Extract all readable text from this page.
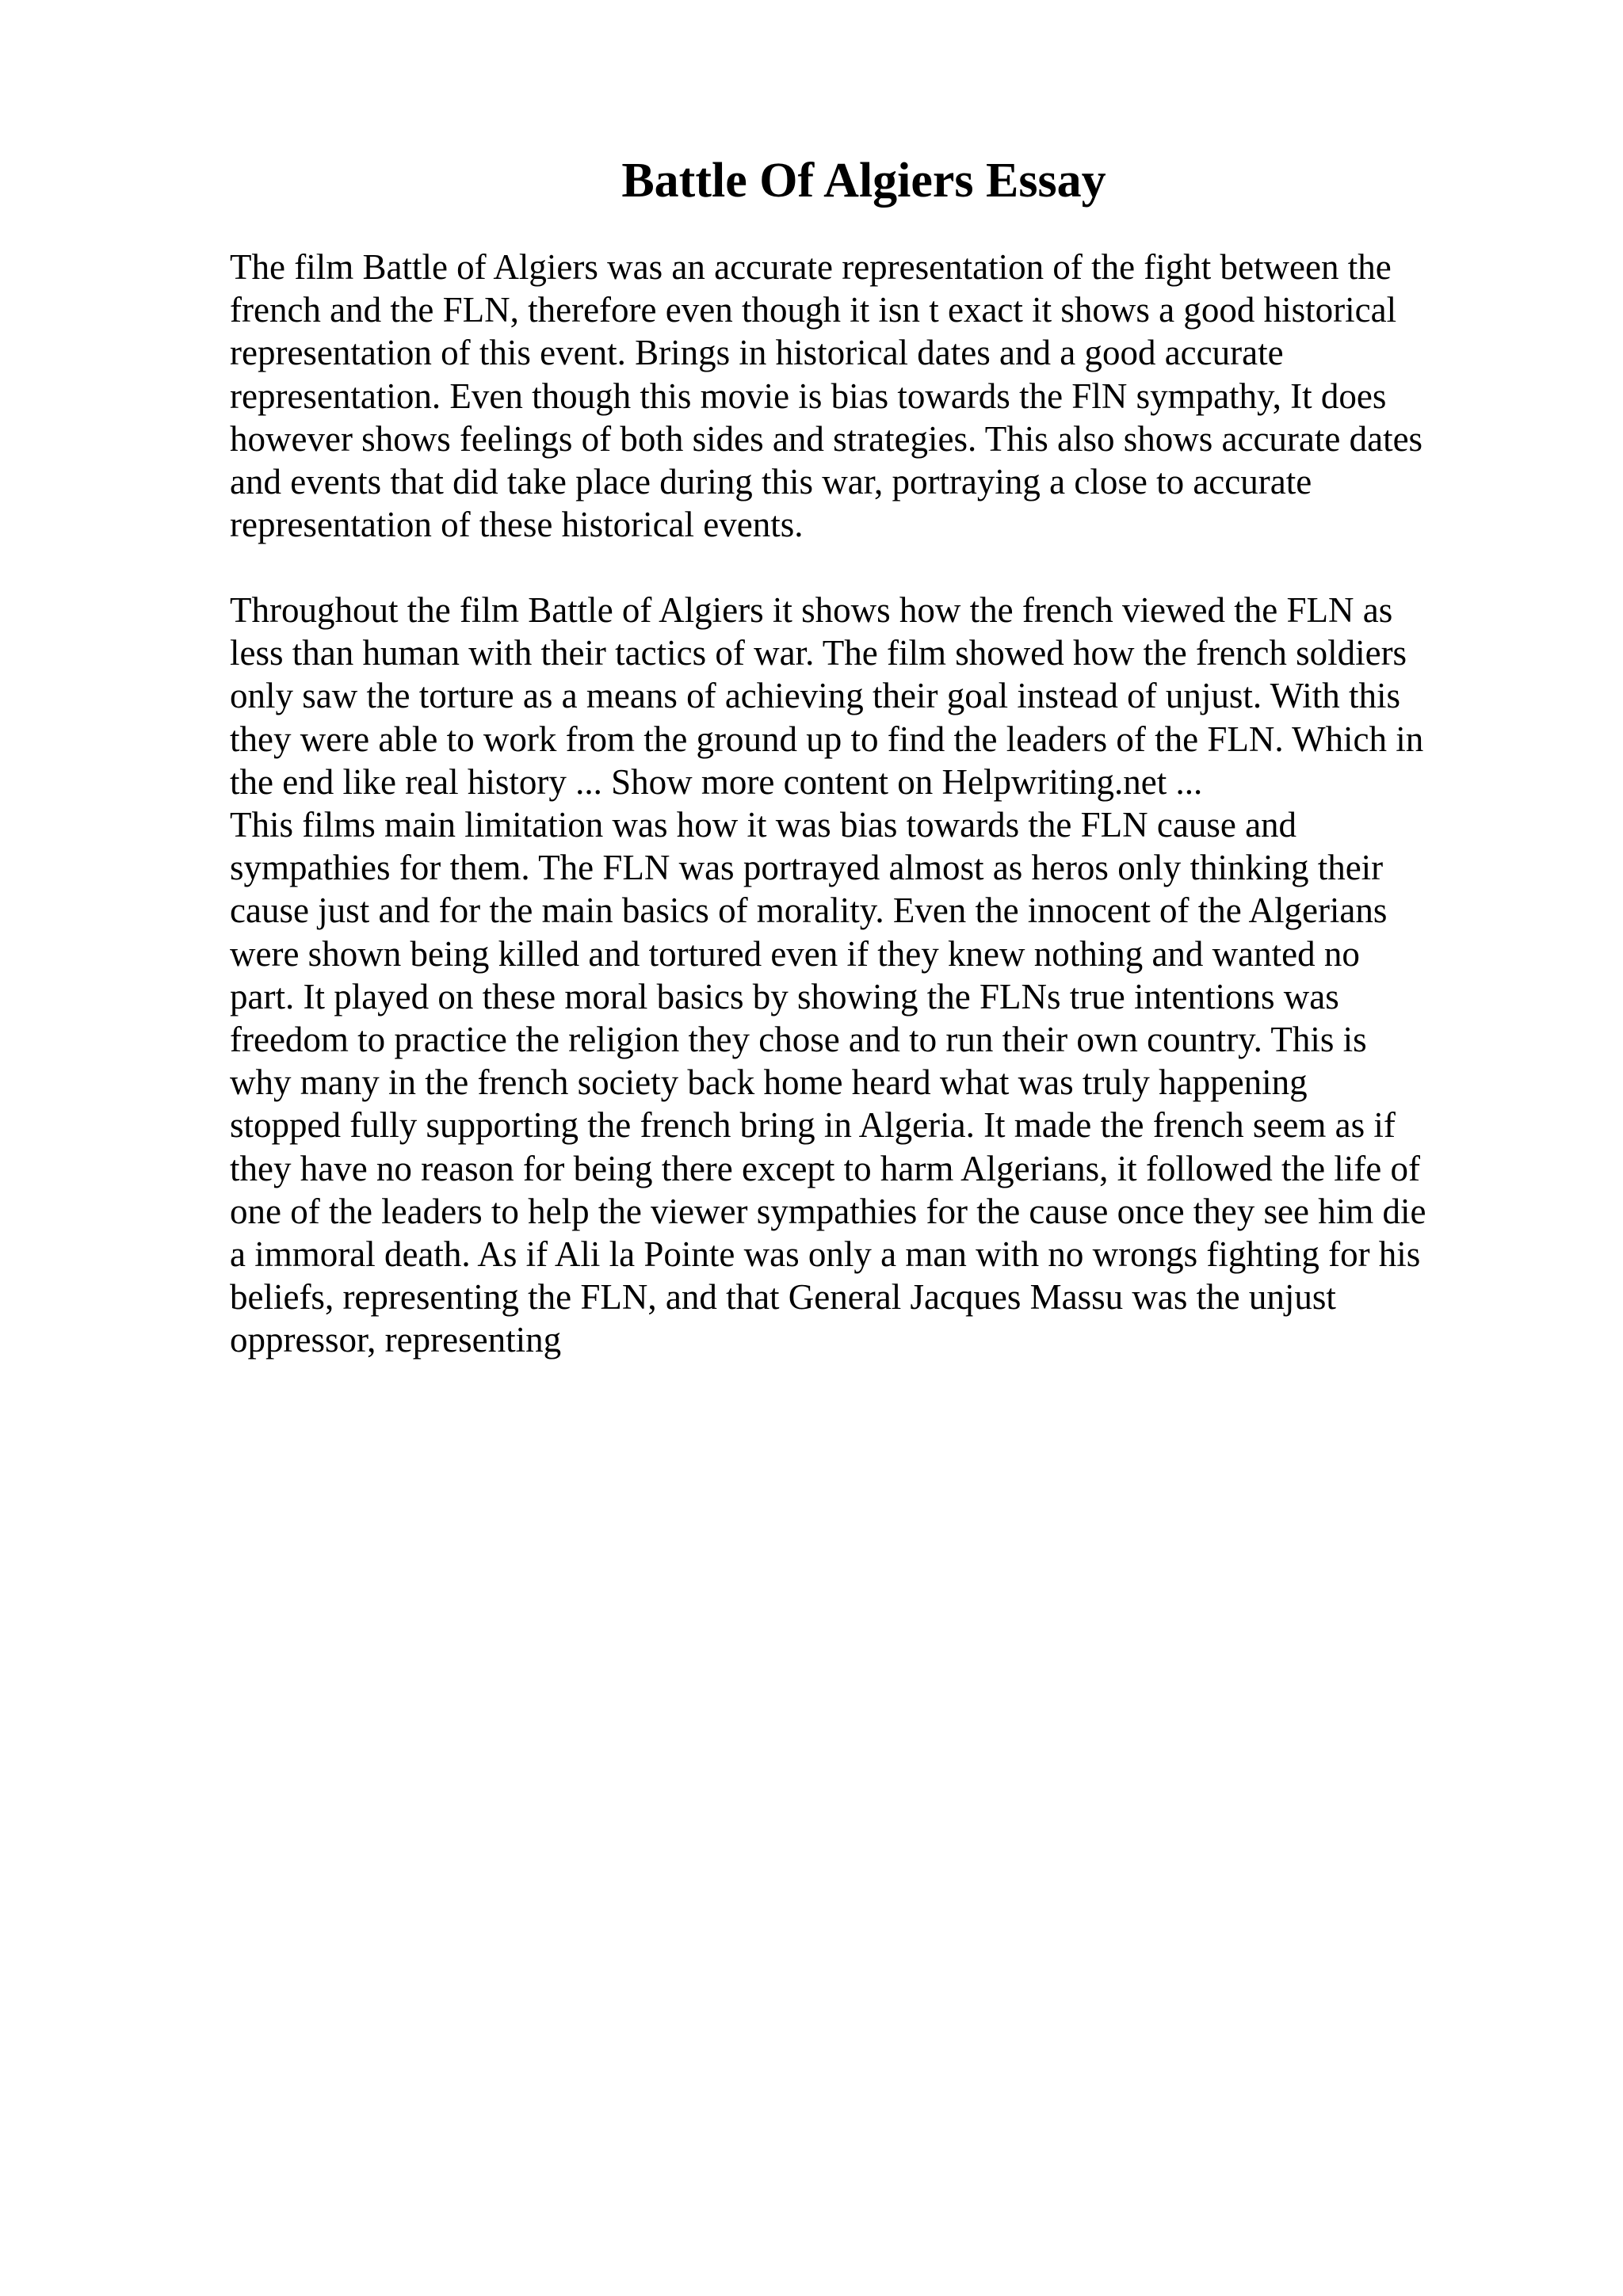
Battle Of Algiers Essay
The film Battle of Algiers was an accurate representation of the fight between the
french and the FLN, therefore even though it isn t exact it shows a good historical
representation of this event. Brings in historical dates and a good accurate
representation. Even though this movie is bias towards the FlN sympathy, It does
however shows feelings of both sides and strategies. This also shows accurate dates
and events that did take place during this war, portraying a close to accurate
representation of these historical events.
Throughout the film Battle of Algiers it shows how the french viewed the FLN as
less than human with their tactics of war. The film showed how the french soldiers
only saw the torture as a means of achieving their goal instead of unjust. With this
they were able to work from the ground up to find the leaders of the FLN. Which in
the end like real history ... Show more content on Helpwriting.net ...
This films main limitation was how it was bias towards the FLN cause and
sympathies for them. The FLN was portrayed almost as heros only thinking their
cause just and for the main basics of morality. Even the innocent of the Algerians
were shown being killed and tortured even if they knew nothing and wanted no
part. It played on these moral basics by showing the FLNs true intentions was
freedom to practice the religion they chose and to run their own country. This is
why many in the french society back home heard what was truly happening
stopped fully supporting the french bring in Algeria. It made the french seem as if
they have no reason for being there except to harm Algerians, it followed the life of
one of the leaders to help the viewer sympathies for the cause once they see him die
a immoral death. As if Ali la Pointe was only a man with no wrongs fighting for his
beliefs, representing the FLN, and that General Jacques Massu was the unjust
oppressor, representing
